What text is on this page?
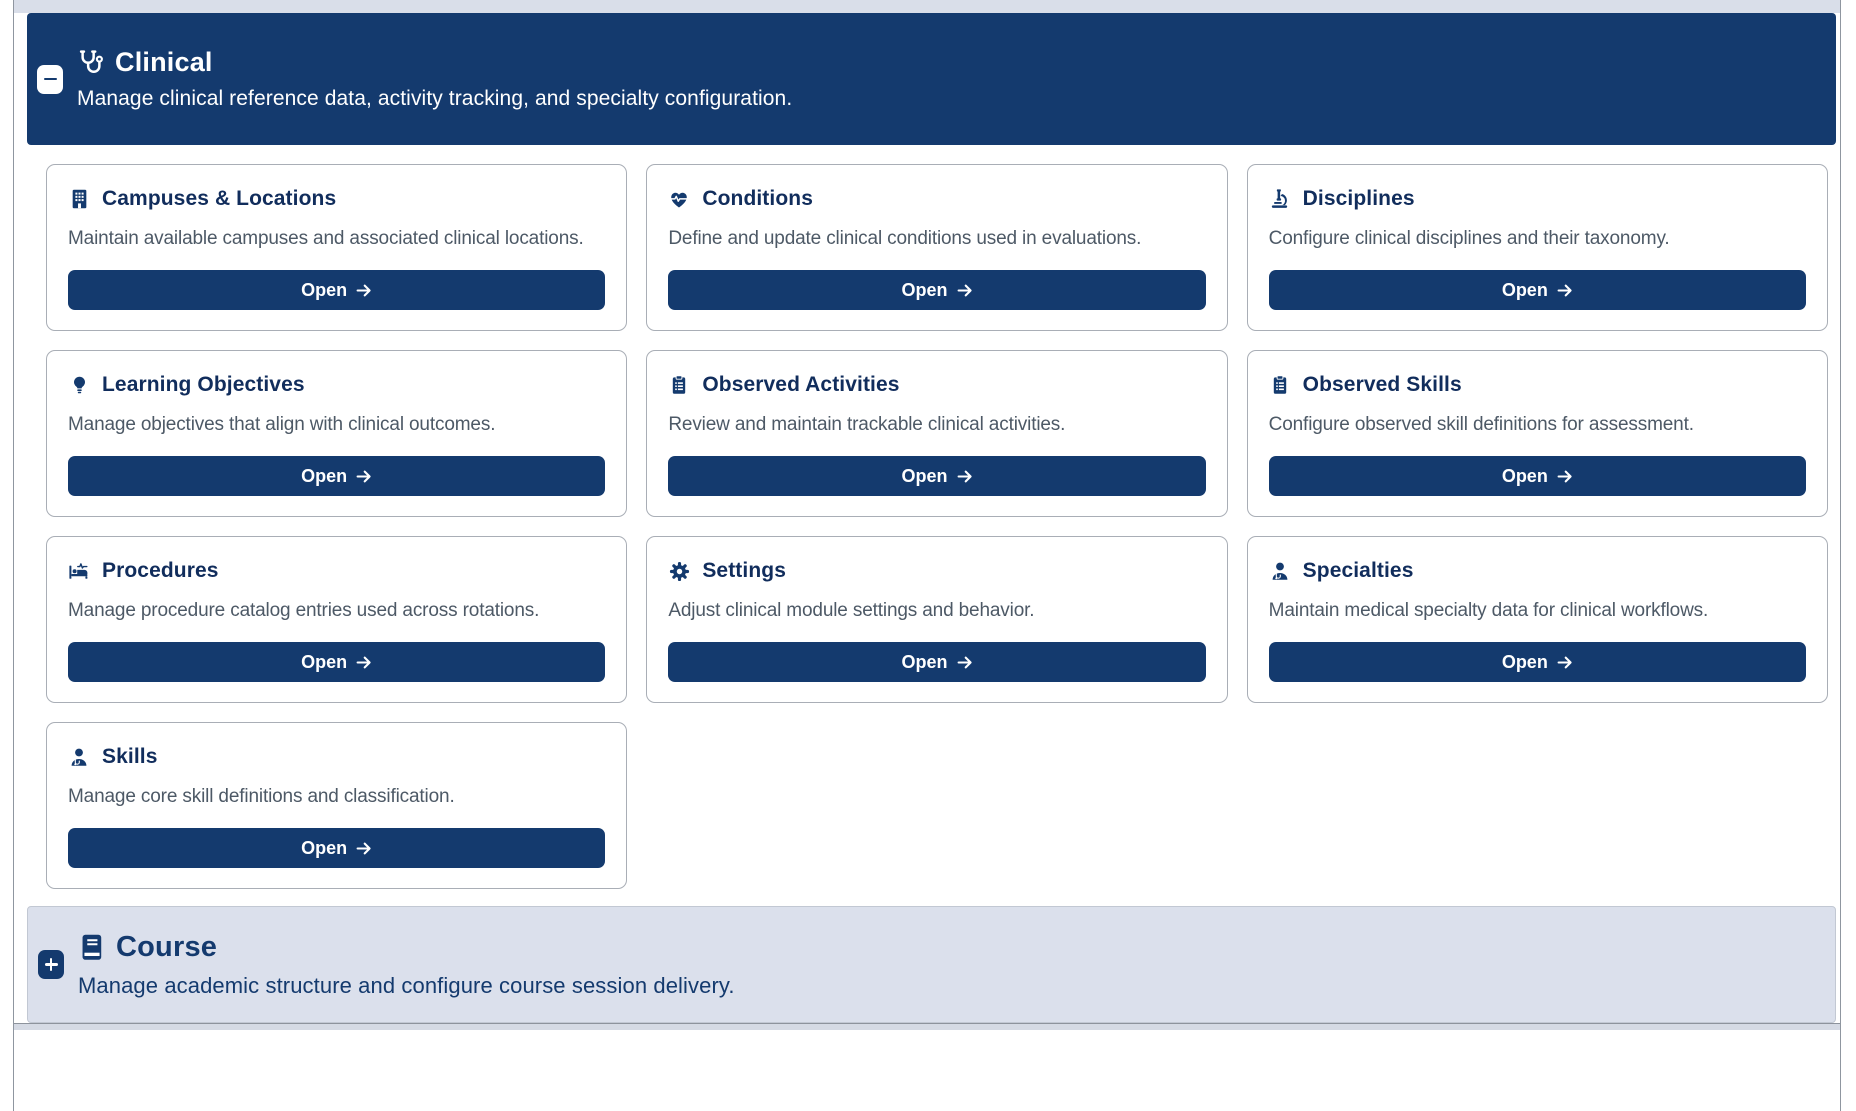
Clinical
Manage clinical reference data, activity tracking, and specialty configuration.
Campuses & Locations
Maintain available campuses and associated clinical locations.
Open
Conditions
Define and update clinical conditions used in evaluations.
Open
Disciplines
Configure clinical disciplines and their taxonomy.
Open
Learning Objectives
Manage objectives that align with clinical outcomes.
Open
Observed Activities
Review and maintain trackable clinical activities.
Open
Observed Skills
Configure observed skill definitions for assessment.
Open
Procedures
Manage procedure catalog entries used across rotations.
Open
Settings
Adjust clinical module settings and behavior.
Open
Specialties
Maintain medical specialty data for clinical workflows.
Open
Skills
Manage core skill definitions and classification.
Open
Course
Manage academic structure and configure course session delivery.
